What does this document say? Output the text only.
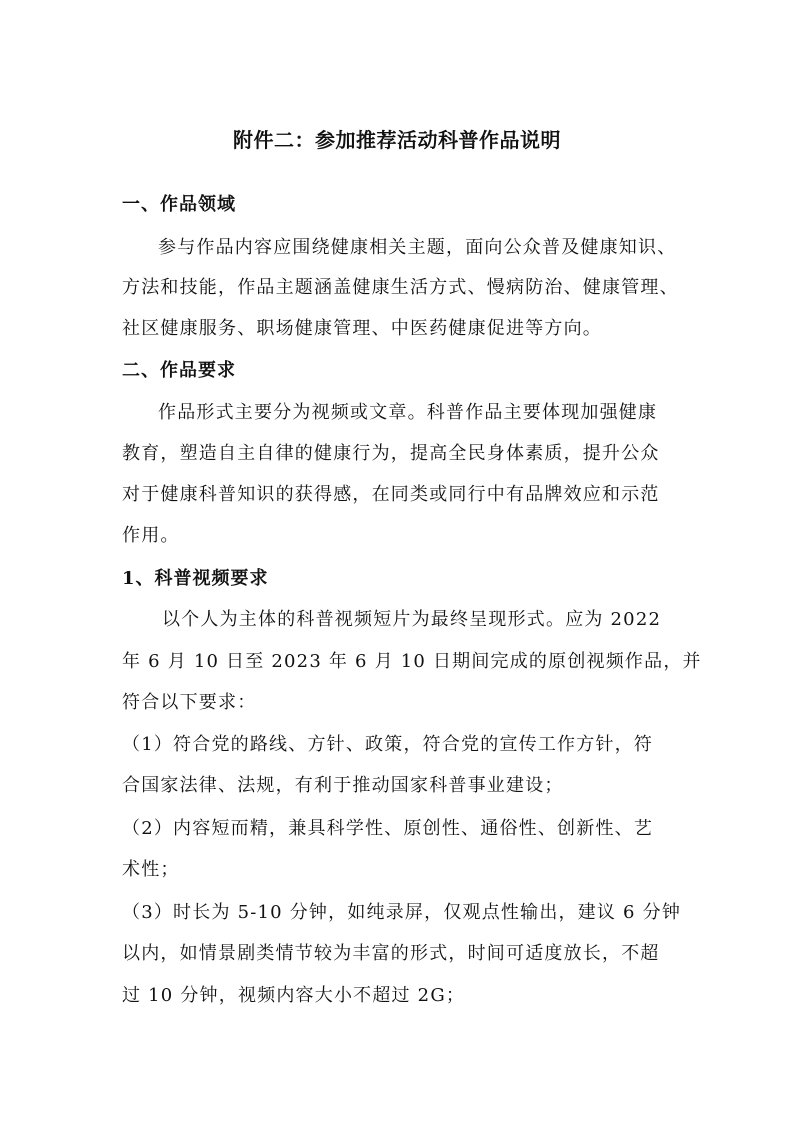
附件二：参加推荐活动科普作品说明
一、作品领域
参与作品内容应围绕健康相关主题，面向公众普及健康知识、
方法和技能，作品主题涵盖健康生活方式、慢病防治、健康管理、
社区健康服务、职场健康管理、中医药健康促进等方向。
二、作品要求
作品形式主要分为视频或文章。科普作品主要体现加强健康
教育，塑造自主自律的健康行为，提高全民身体素质，提升公众
对于健康科普知识的获得感，在同类或同行中有品牌效应和示范
作用。
1、科普视频要求
以个人为主体的科普视频短片为最终呈现形式。应为 2022
年 6 月 10 日至 2023 年 6 月 10 日期间完成的原创视频作品，并
符合以下要求：
（1）符合党的路线、方针、政策，符合党的宣传工作方针，符
合国家法律、法规，有利于推动国家科普事业建设；
（2）内容短而精，兼具科学性、原创性、通俗性、创新性、艺
术性；
（3）时长为 5-10 分钟，如纯录屏，仅观点性输出，建议 6 分钟
以内，如情景剧类情节较为丰富的形式，时间可适度放长，不超
过 10 分钟，视频内容大小不超过 2G；
